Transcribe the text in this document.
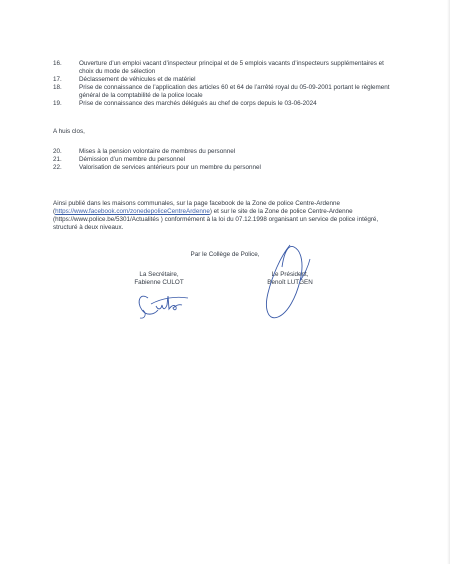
16.	Ouverture d’un emploi vacant d’inspecteur principal et de 5 emplois vacants d’inspecteurs supplémentaires et choix du mode de sélection
17.	Déclassement de véhicules et de matériel
18.	Prise de connaissance de l’application des articles 60 et 64 de l’arrêté royal du 05-09-2001 portant le règlement général de la comptabilité de la police locale
19.	Prise de connaissance des marchés délégués au chef de corps depuis le 03-06-2024
A huis clos,
20.	Mises à la pension volontaire de membres du personnel
21.	Démission d’un membre du personnel
22.	Valorisation de services antérieurs pour un membre du personnel
Ainsi publié dans les maisons communales, sur la page facebook de la Zone de police Centre-Ardenne (https://www.facebook.com/zonedepoliceCentreArdenne) et sur le site de la Zone de police Centre-Ardenne (https://www.police.be/5301/Actualités ) conformément à la loi du 07.12.1998 organisant un service de police intégré, structuré à deux niveaux.
Par le Collège de Police,
La Secrétaire,
Fabienne CULOT
Le Président,
Benoît LUTGEN
